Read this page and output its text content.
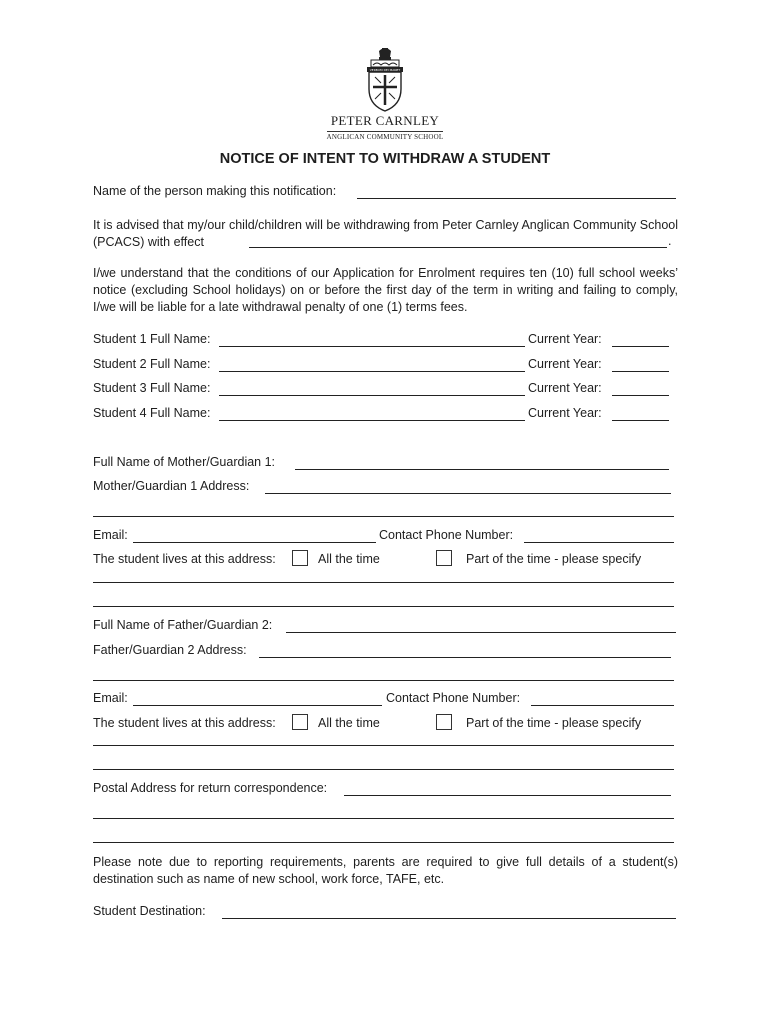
VERBUM DEI MANET
PETER CARNLEY
ANGLICAN COMMUNITY SCHOOL
NOTICE OF INTENT TO WITHDRAW A STUDENT
Name of the person making this notification:
It is advised that my/our child/children will be withdrawing from Peter Carnley Anglican Community School (PCACS) with effect	.
I/we understand that the conditions of our Application for Enrolment requires ten (10) full school weeks’ notice (excluding School holidays) on or before the first day of the term in writing and failing to comply, I/we will be liable for a late withdrawal penalty of one (1) terms fees.
Student 1 Full Name:	Current Year:
Student 2 Full Name:	Current Year:
Student 3 Full Name:	Current Year:
Student 4 Full Name:	Current Year:
Full Name of Mother/Guardian 1:
Mother/Guardian 1 Address:
Email:	Contact Phone Number:
The student lives at this address:	All the time	Part of the time - please specify
Full Name of Father/Guardian 2:
Father/Guardian 2 Address:
Email:	Contact Phone Number:
The student lives at this address:	All the time	Part of the time - please specify
Postal Address for return correspondence:
Please note due to reporting requirements, parents are required to give full details of a student(s) destination such as name of new school, work force, TAFE, etc.
Student Destination:
